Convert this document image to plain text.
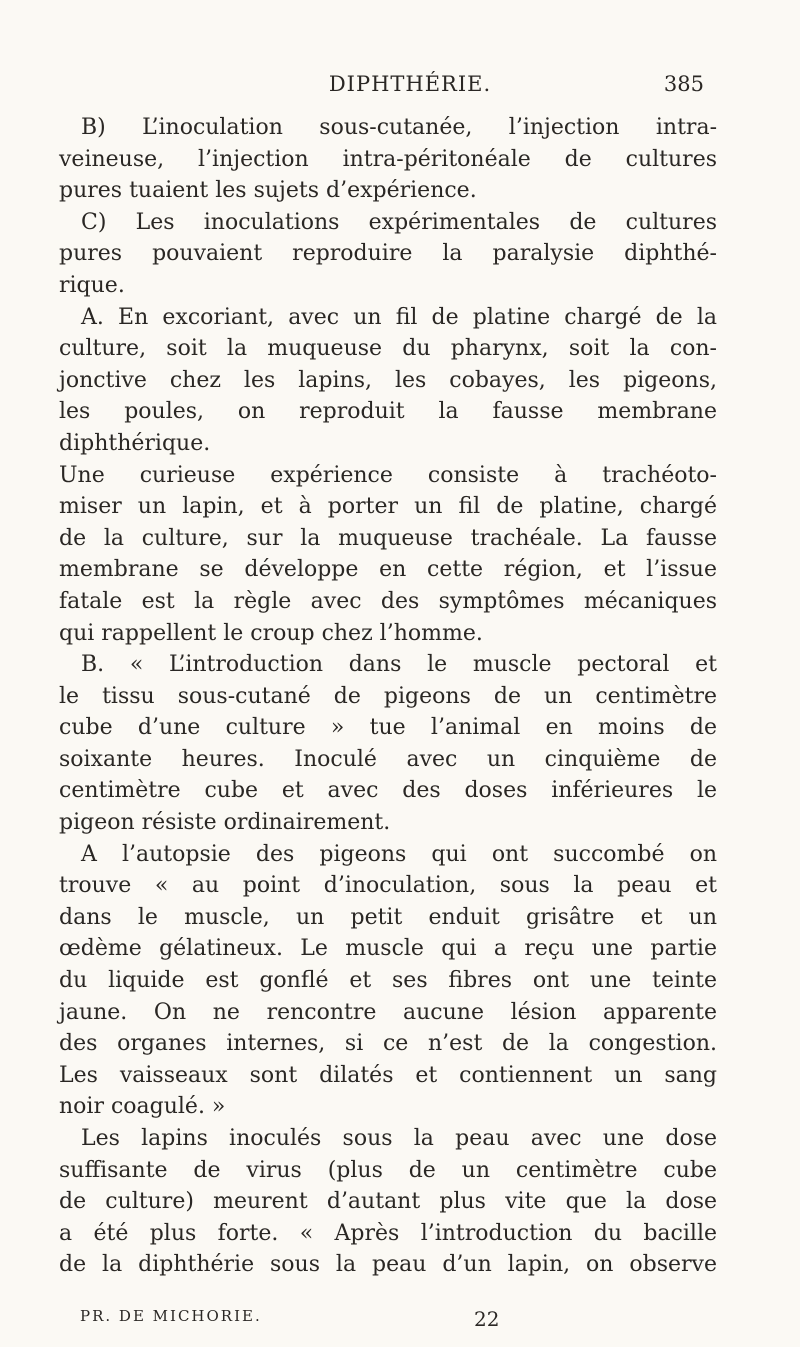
DIPHTHÉRIE.	385
B) L’inoculation sous-cutanée, l’injection intra-
veineuse, l’injection intra-péritonéale de cultures
pures tuaient les sujets d’expérience.
C) Les inoculations expérimentales de cultures
pures pouvaient reproduire la paralysie diphthé-
rique.
A. En excoriant, avec un fil de platine chargé de la
culture, soit la muqueuse du pharynx, soit la con-
jonctive chez les lapins, les cobayes, les pigeons,
les poules, on reproduit la fausse membrane
diphthérique.
Une curieuse expérience consiste à trachéoto-
miser un lapin, et à porter un fil de platine, chargé
de la culture, sur la muqueuse trachéale. La fausse
membrane se développe en cette région, et l’issue
fatale est la règle avec des symptômes mécaniques
qui rappellent le croup chez l’homme.
B. « L’introduction dans le muscle pectoral et
le tissu sous-cutané de pigeons de un centimètre
cube d’une culture » tue l’animal en moins de
soixante heures. Inoculé avec un cinquième de
centimètre cube et avec des doses inférieures le
pigeon résiste ordinairement.
A l’autopsie des pigeons qui ont succombé on
trouve « au point d’inoculation, sous la peau et
dans le muscle, un petit enduit grisâtre et un
œdème gélatineux. Le muscle qui a reçu une partie
du liquide est gonflé et ses fibres ont une teinte
jaune. On ne rencontre aucune lésion apparente
des organes internes, si ce n’est de la congestion.
Les vaisseaux sont dilatés et contiennent un sang
noir coagulé. »
Les lapins inoculés sous la peau avec une dose
suffisante de virus (plus de un centimètre cube
de culture) meurent d’autant plus vite que la dose
a été plus forte. « Après l’introduction du bacille
de la diphthérie sous la peau d’un lapin, on observe
PR. DE MICHORIE.	22
